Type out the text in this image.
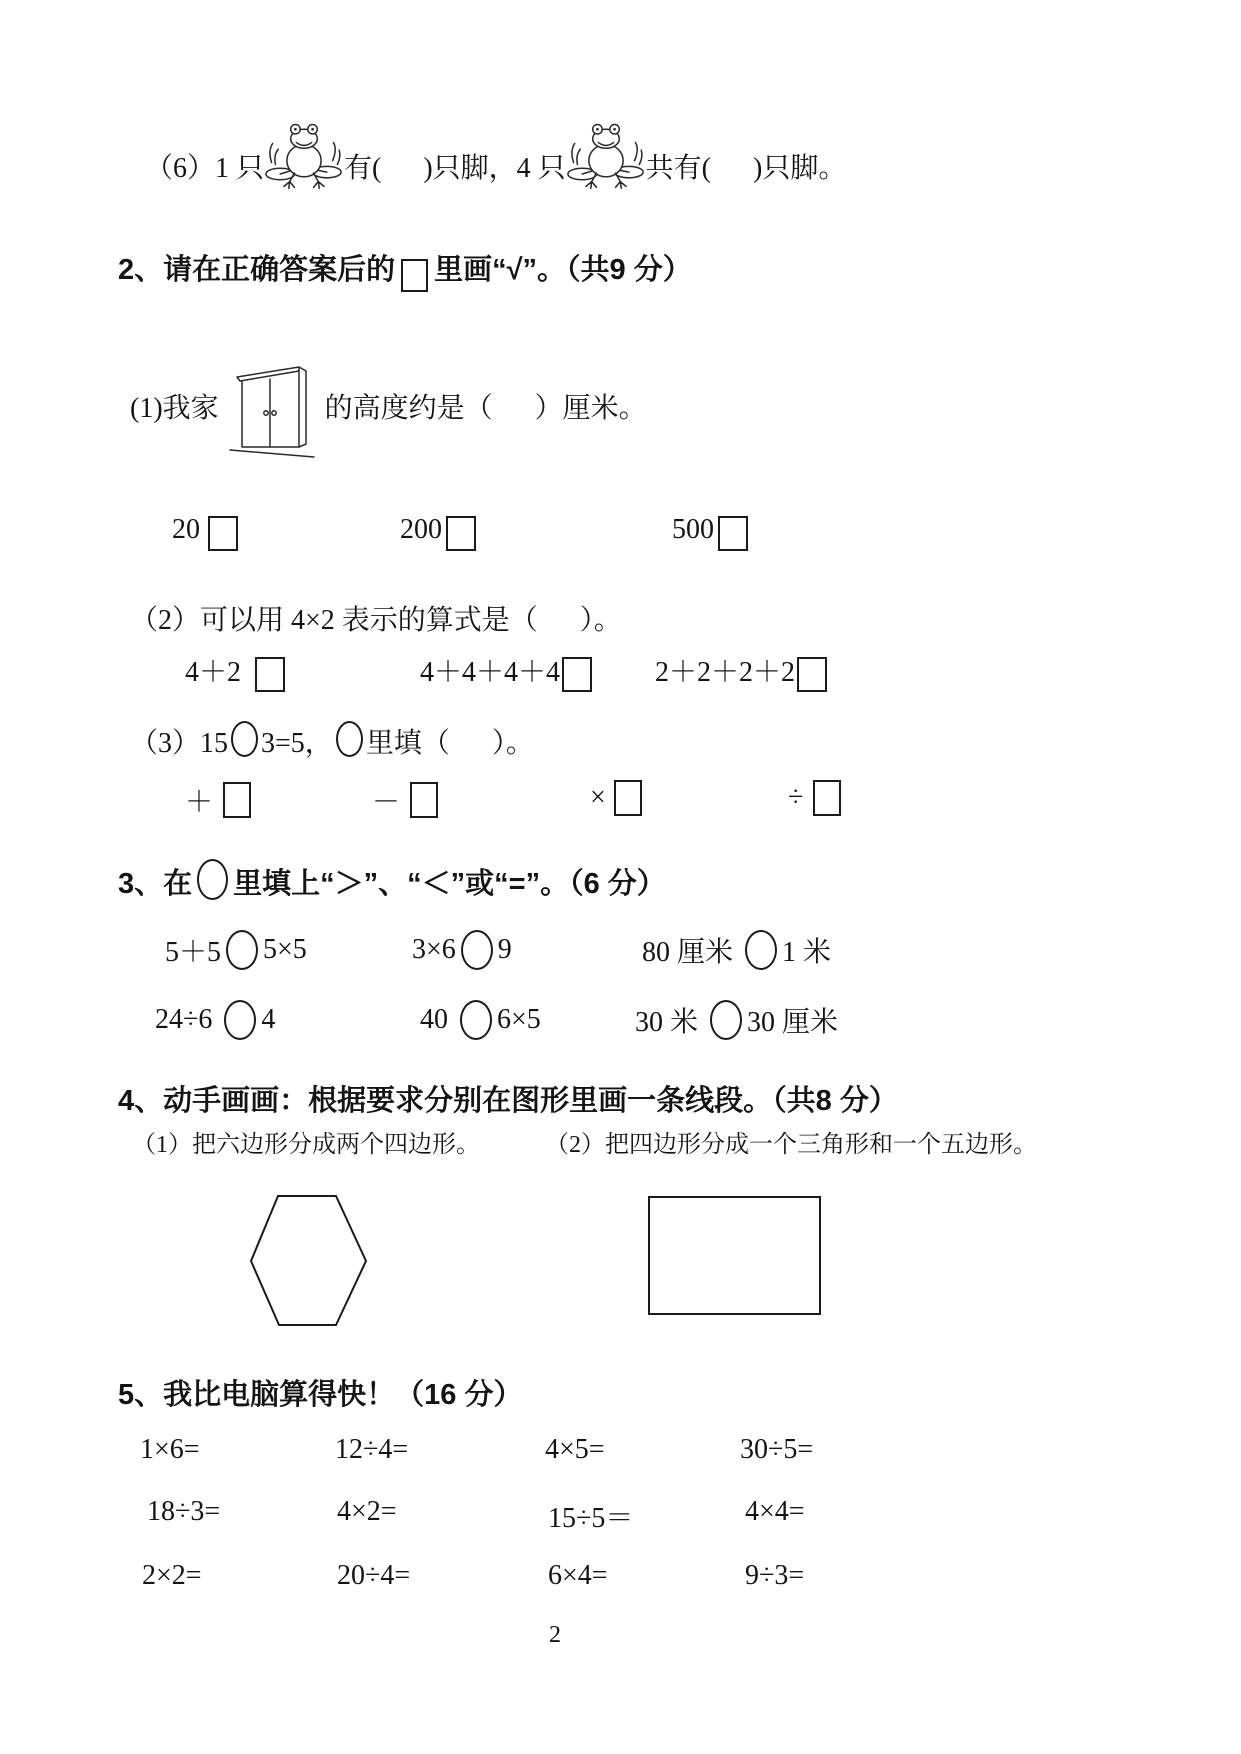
（6）1 只	有(      )只脚，4 只	共有(      )只脚。
2、请在正确答案后的 里画“√”。（共9 分）
(1)我家	的高度约是（      ）厘米。
20	200	500
（2）可以用 4×2 表示的算式是（      ）。
4＋2	4＋4＋4＋4	2＋2＋2＋2
（3）15 3=5， 里填（      ）。
＋	－	×	÷
3、在 里填上“＞”、“＜”或“=”。（6 分）
5＋5 5×5	3×6 9	80 厘米 1 米
24÷6 4	40 6×5	30 米 30 厘米
4、动手画画：根据要求分别在图形里画一条线段。（共8 分）
（1）把六边形分成两个四边形。	（2）把四边形分成一个三角形和一个五边形。
5、我比电脑算得快！（16 分）
1×6=	12÷4=	4×5=	30÷5=
18÷3=	4×2=	15÷5＝	4×4=
2×2=	20÷4=	6×4=	9÷3=
2
